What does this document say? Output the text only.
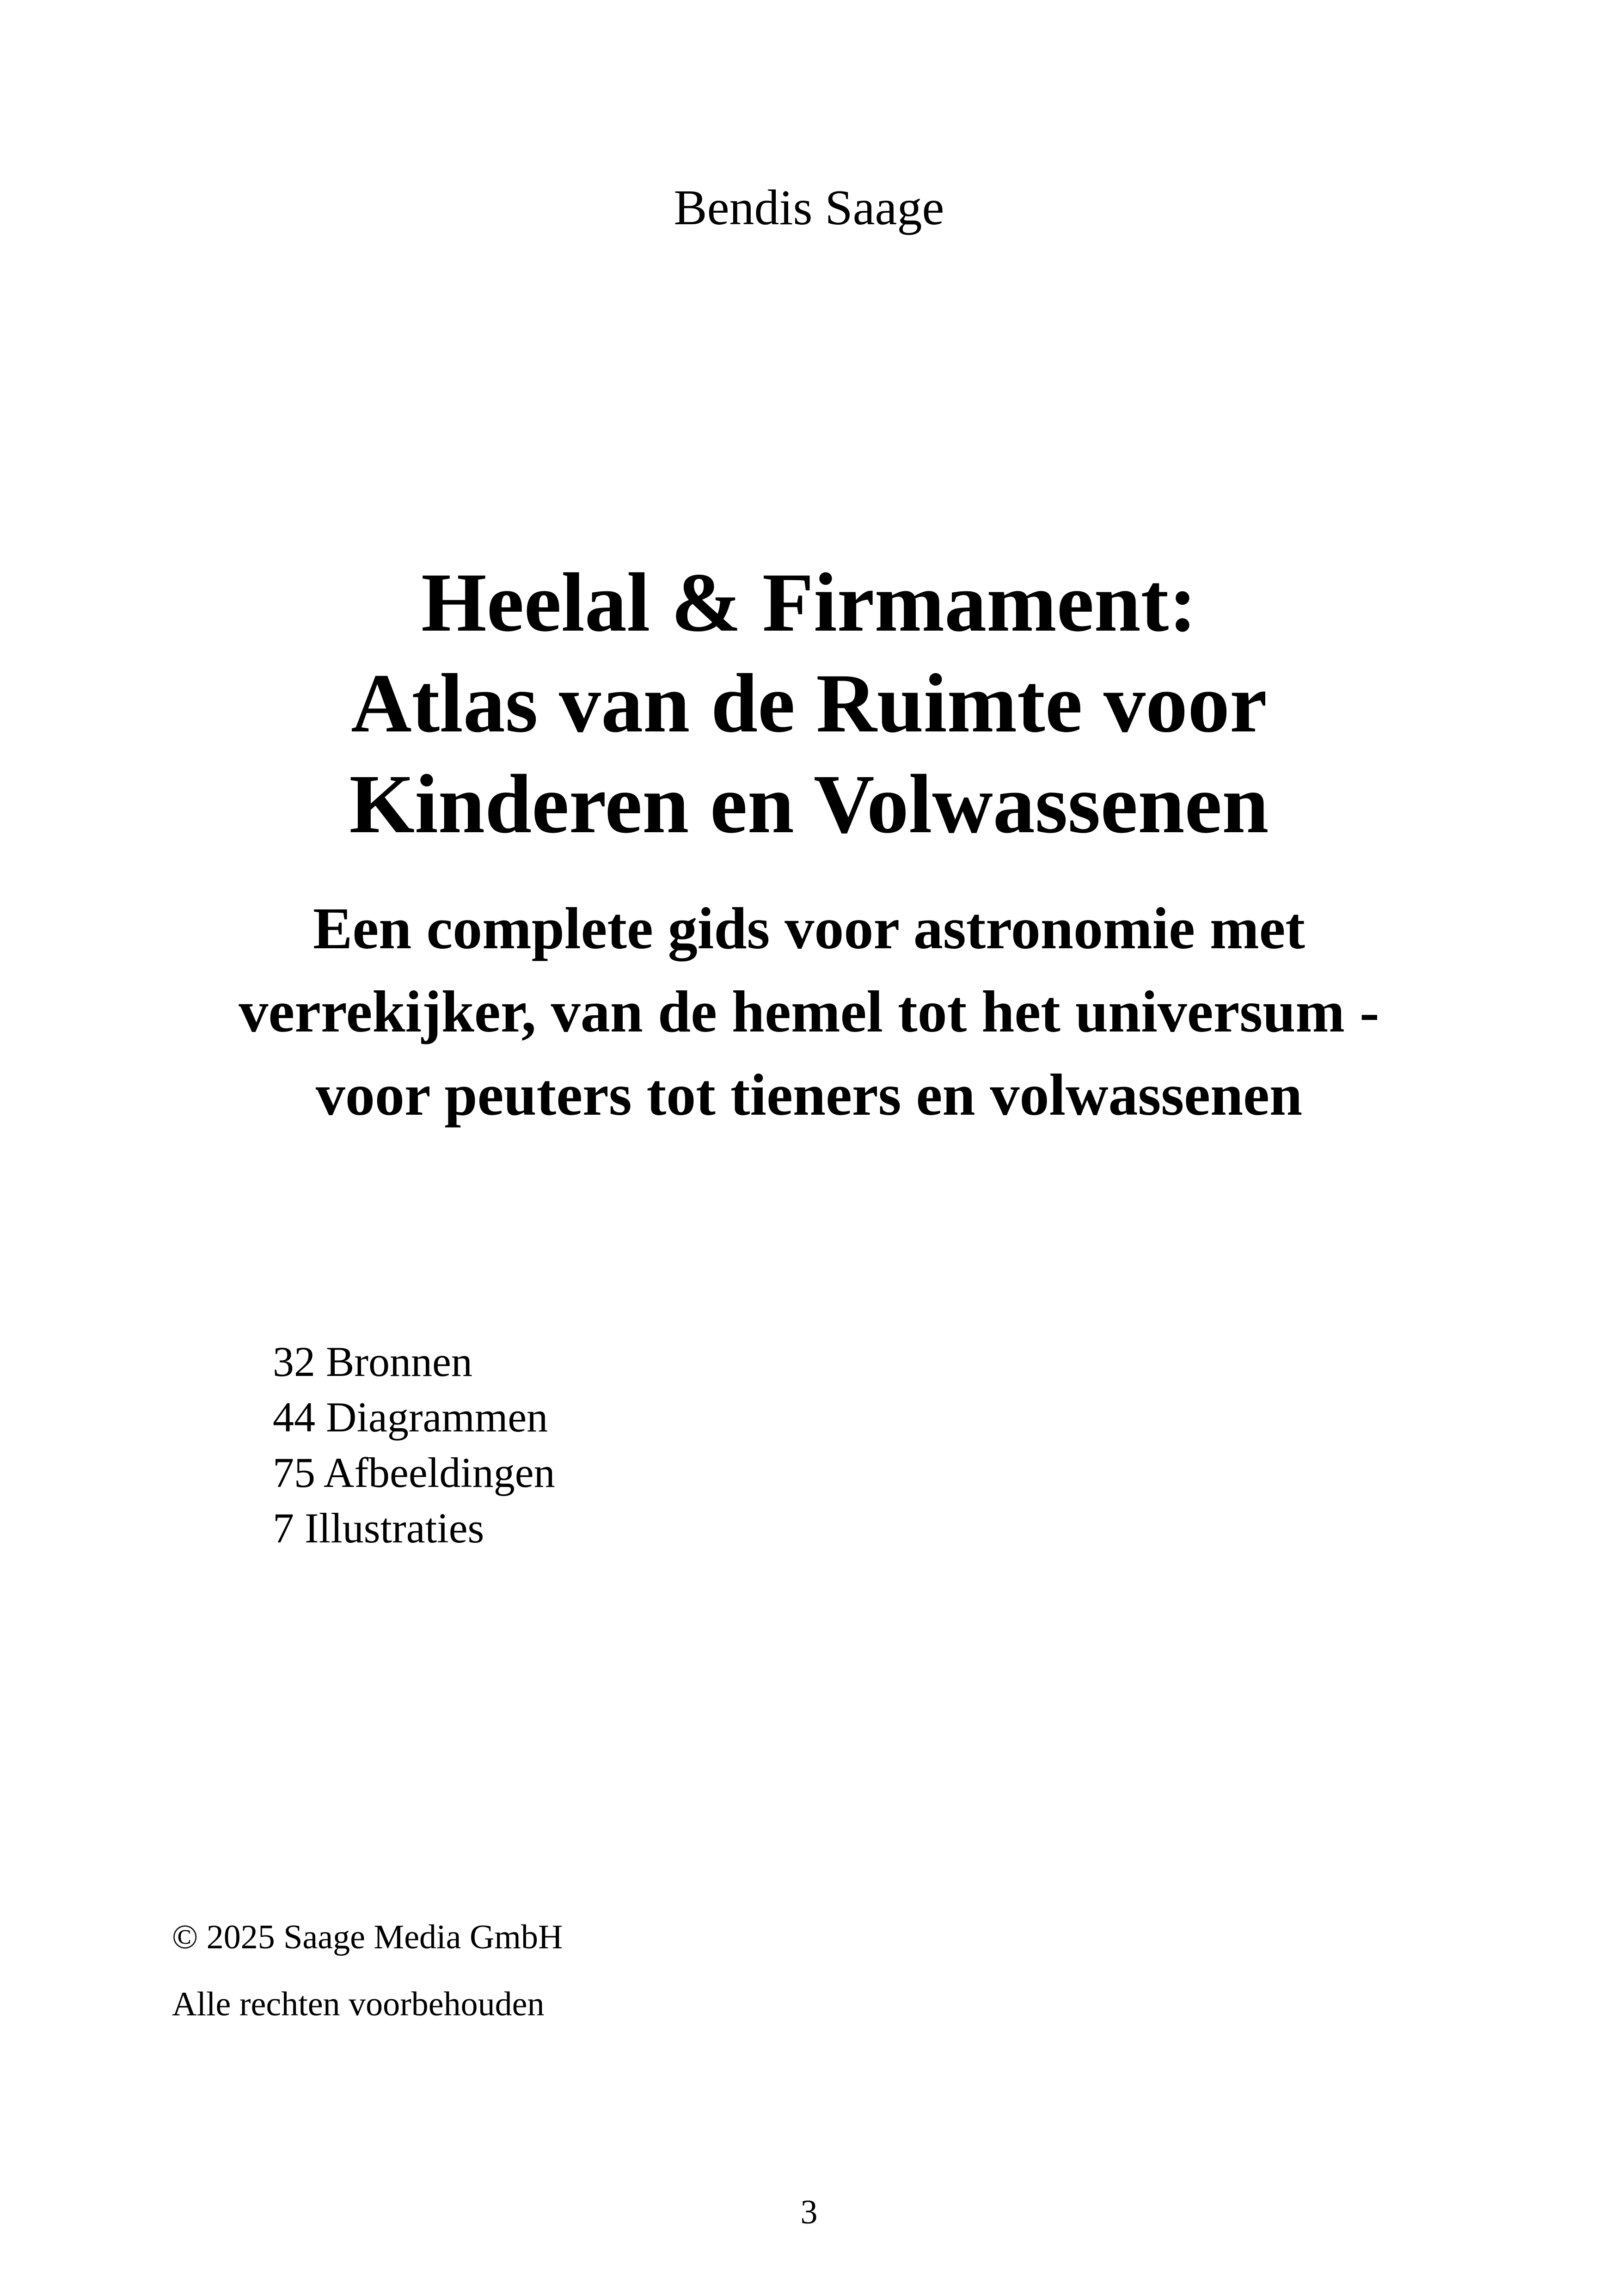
Bendis Saage
Heelal & Firmament:
Atlas van de Ruimte voor
Kinderen en Volwassenen
Een complete gids voor astronomie met
verrekijker, van de hemel tot het universum -
voor peuters tot tieners en volwassenen
32 Bronnen
44 Diagrammen
75 Afbeeldingen
7 Illustraties
© 2025 Saage Media GmbH
Alle rechten voorbehouden
3
